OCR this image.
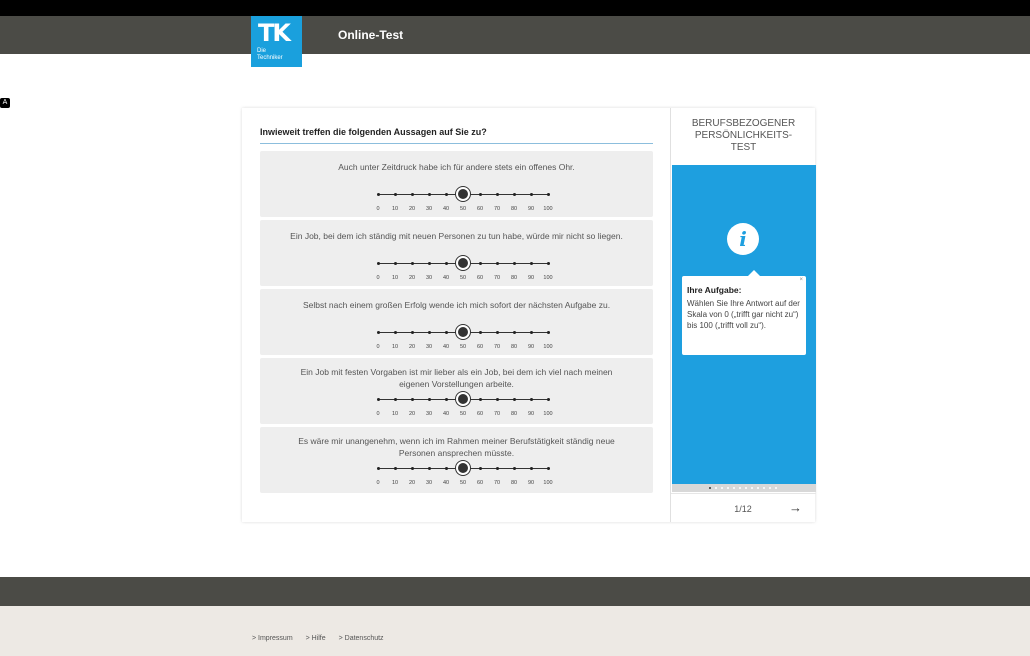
TK
Die
Techniker
Online-Test
A
Inwieweit treffen die folgenden Aussagen auf Sie zu?
Auch unter Zeitdruck habe ich für andere stets ein offenes Ohr.
0	10	20	30	40	50	60	70	80	90	100
Ein Job, bei dem ich ständig mit neuen Personen zu tun habe, würde mir nicht so liegen.
0	10	20	30	40	50	60	70	80	90	100
Selbst nach einem großen Erfolg wende ich mich sofort der nächsten Aufgabe zu.
0	10	20	30	40	50	60	70	80	90	100
Ein Job mit festen Vorgaben ist mir lieber als ein Job, bei dem ich viel nach meinen eigenen Vorstellungen arbeite.
0	10	20	30	40	50	60	70	80	90	100
Es wäre mir unangenehm, wenn ich im Rahmen meiner Berufstätigkeit ständig neue Personen ansprechen müsste.
0	10	20	30	40	50	60	70	80	90	100
BERUFSBEZOGENER
PERSÖNLICHKEITS-
TEST
i
×
Ihre Aufgabe:
Wählen Sie Ihre Antwort auf der Skala von 0 („trifft gar nicht zu“) bis 100 („trifft voll zu“).
1/12	→
> Impressum > Hilfe > Datenschutz
